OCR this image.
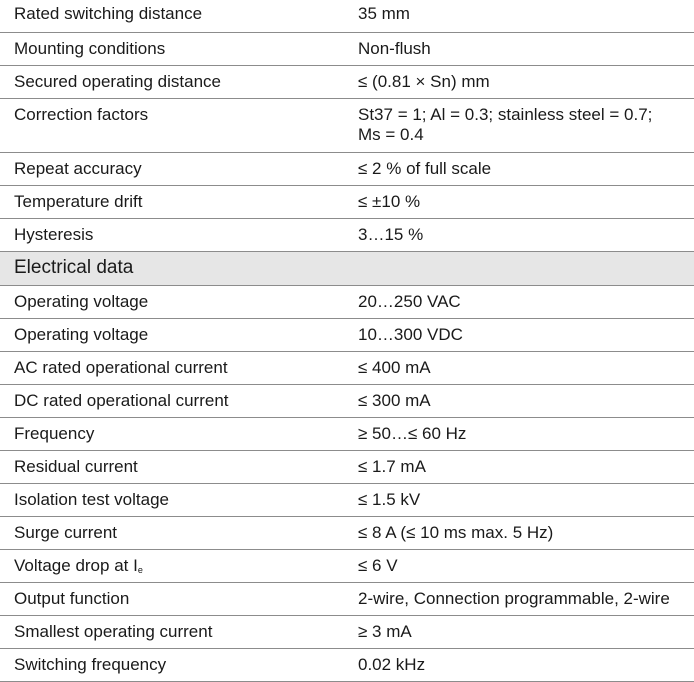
Rated switching distance	35 mm
Mounting conditions	Non-flush
Secured operating distance	≤ (0.81 × Sn) mm
Correction factors	St37 = 1; Al = 0.3; stainless steel = 0.7;
Ms = 0.4
Repeat accuracy	≤ 2 % of full scale
Temperature drift	≤ ±10 %
Hysteresis	3…15 %
Electrical data
Operating voltage	20…250 VAC
Operating voltage	10…300 VDC
AC rated operational current	≤ 400 mA
DC rated operational current	≤ 300 mA
Frequency	≥ 50…≤ 60 Hz
Residual current	≤ 1.7 mA
Isolation test voltage	≤ 1.5 kV
Surge current	≤ 8 A (≤ 10 ms max. 5 Hz)
Voltage drop at $I_e$	≤ 6 V
Output function	2-wire, Connection programmable, 2-wire
Smallest operating current	≥ 3 mA
Switching frequency	0.02 kHz
